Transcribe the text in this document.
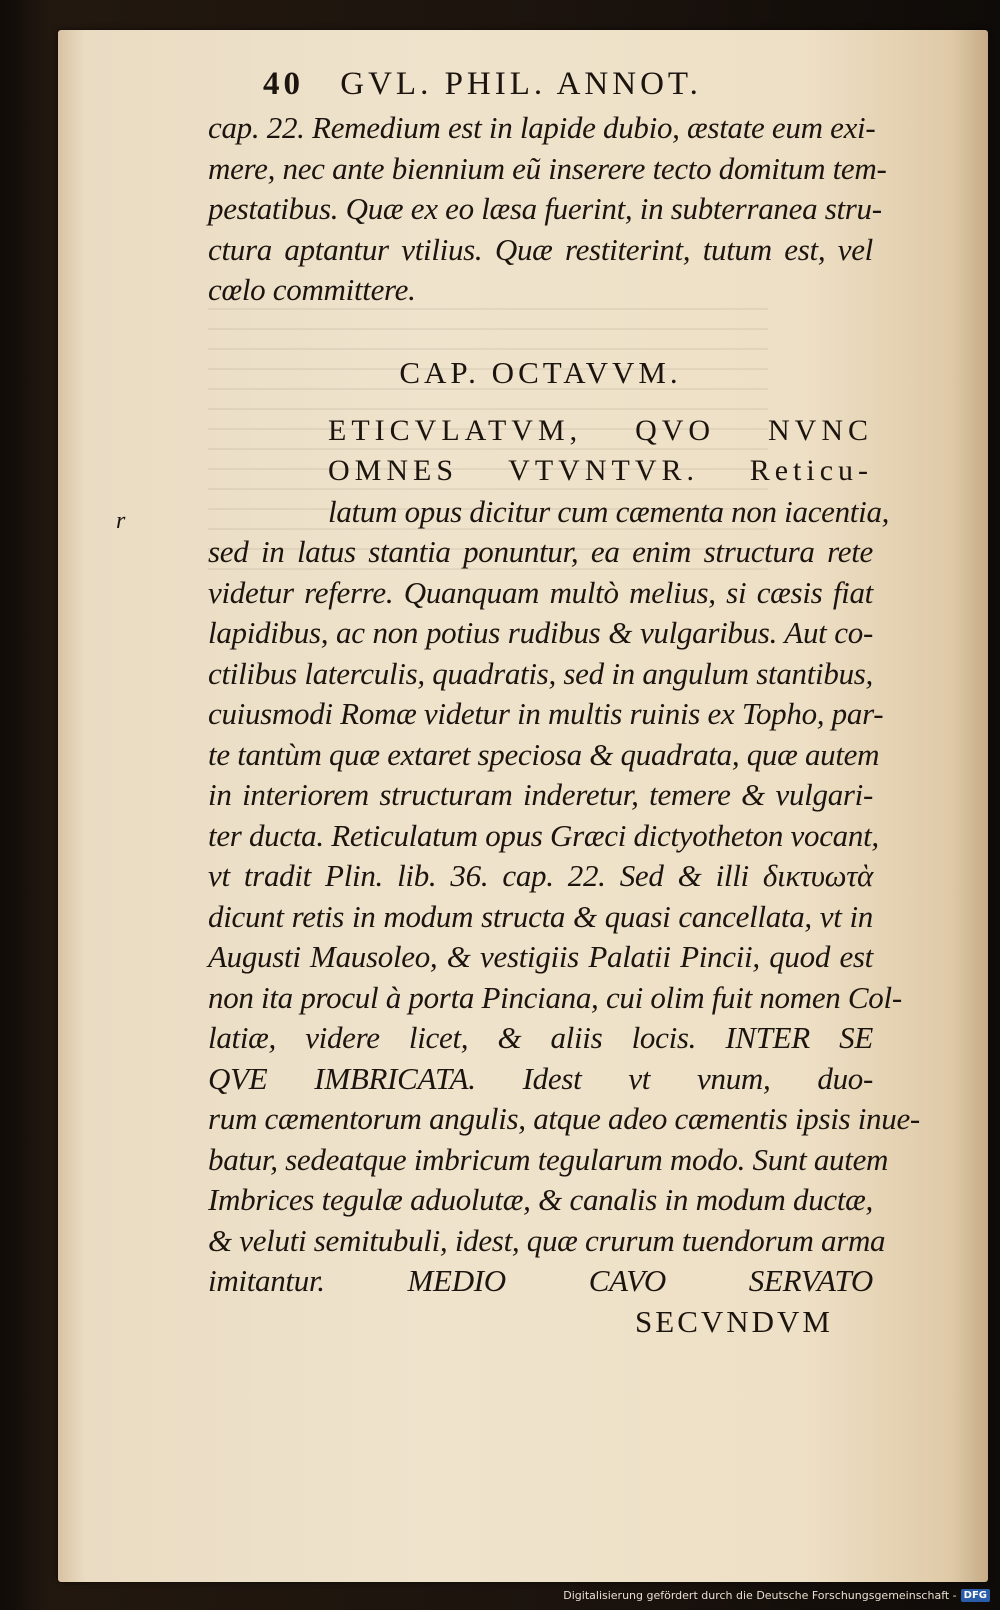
40 GVL. PHIL. ANNOT.
cap. 22. Remedium est in lapide dubio, æstate eum exi-
mere, nec ante biennium eũ inserere tecto domitum tem-
pestatibus. Quæ ex eo læsa fuerint, in subterranea stru-
ctura aptantur vtilius. Quæ restiterint, tutum est, vel
cœlo committere.
CAP. OCTAVVM.
ETICVLATVM, QVO NVNC
OMNES VTVNTVR. Reticu-
latum opus dicitur cum cæmenta non iacentia,
sed in latus stantia ponuntur, ea enim structura rete
videtur referre. Quanquam multò melius, si cæsis fiat
lapidibus, ac non potius rudibus & vulgaribus. Aut co-
ctilibus laterculis, quadratis, sed in angulum stantibus,
cuiusmodi Romæ videtur in multis ruinis ex Topho, par-
te tantùm quæ extaret speciosa & quadrata, quæ autem
in interiorem structuram inderetur, temere & vulgari-
ter ducta. Reticulatum opus Græci dictyotheton vocant,
vt tradit Plin. lib. 36. cap. 22. Sed & illi δικτυωτὰ
dicunt retis in modum structa & quasi cancellata, vt in
Augusti Mausoleo, & vestigiis Palatii Pincii, quod est
non ita procul à porta Pinciana, cui olim fuit nomen Col-
latiæ, videre licet, & aliis locis. INTER SE
QVE IMBRICATA. Idest vt vnum, duo-
rum cæmentorum angulis, atque adeo cæmentis ipsis inue-
batur, sedeatque imbricum tegularum modo. Sunt autem
Imbrices tegulæ aduolutæ, & canalis in modum ductæ,
& veluti semitubuli, idest, quæ crurum tuendorum arma
imitantur. MEDIO CAVO SERVATO
SECVNDVM
r
Digitalisierung gefördert durch die Deutsche Forschungsgemeinschaft - DFG
